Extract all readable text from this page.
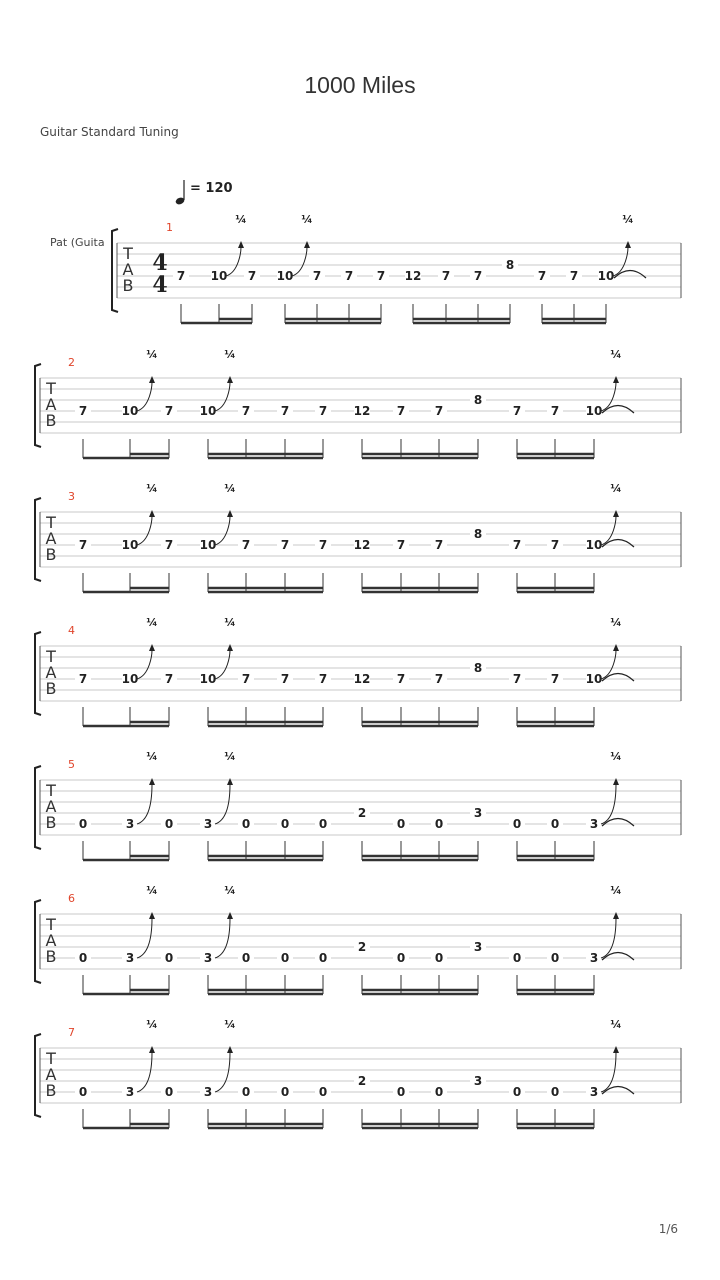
1000 Miles
Guitar Standard Tuning
= 120
T
A
B
Pat (Guita
4
4
1
7 10
¼
7 10
¼
7 7 7 12 7 7
8
7 7 10
¼
T
A
B
2
7	10
¼
7 10
¼
7	7 7 12 7 7
8
7 7 10
¼
T
A
B
3
7	10
¼
7 10
¼
7	7 7 12 7 7
8
7 7 10
¼
T
A
B
4
7	10
¼
7 10
¼
7	7 7 12 7 7
8
7 7 10
¼
T
A
B
5
0	3
¼
0	3
¼
0	0 0
2
0 0
3
0 0	3
¼
T
A
B
6
0	3
¼
0	3
¼
0	0 0
2
0 0
3
0 0	3
¼
T
A
B
7
0	3
¼
0	3
¼
0	0 0
2
0 0
3
0 0	3
¼
1/6
